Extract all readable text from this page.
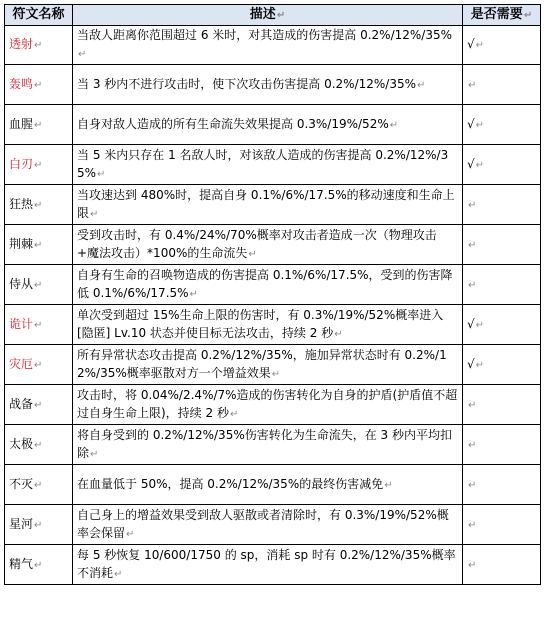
符文名称	描述↵	是否需要↵
透射↵	当敌人距离你范围超过 6 米时，对其造成的伤害提高 0.2%/12%/35%↵	√↵
轰鸣↵	当 3 秒内不进行攻击时，使下次攻击伤害提高 0.2%/12%/35%↵	↵
血腥↵	自身对敌人造成的所有生命流失效果提高 0.3%/19%/52%↵	√↵
白刃↵	当 5 米内只存在 1 名敌人时，对该敌人造成的伤害提高 0.2%/12%/35%↵	√↵
狂热↵	当攻速达到 480%时，提高自身 0.1%/6%/17.5%的移动速度和生命上限↵	↵
荆棘↵	受到攻击时，有 0.4%/24%/70%概率对攻击者造成一次（物理攻击+魔法攻击）*100%的生命流失↵	↵
侍从↵	自身有生命的召唤物造成的伤害提高 0.1%/6%/17.5%，受到的伤害降低 0.1%/6%/17.5%↵	↵
诡计↵	单次受到超过 15%生命上限的伤害时，有 0.3%/19%/52%概率进入[隐匿] Lv.10 状态并使目标无法攻击，持续 2 秒↵	√↵
灾厄↵	所有异常状态攻击提高 0.2%/12%/35%，施加异常状态时有 0.2%/12%/35%概率驱散对方一个增益效果↵	√↵
战备↵	攻击时，将 0.04%/2.4%/7%造成的伤害转化为自身的护盾(护盾值不超过自身生命上限)，持续 2 秒↵	↵
太极↵	将自身受到的 0.2%/12%/35%伤害转化为生命流失，在 3 秒内平均扣除↵	↵
不灭↵	在血量低于 50%，提高 0.2%/12%/35%的最终伤害减免↵	↵
星河↵	自己身上的增益效果受到敌人驱散或者清除时，有 0.3%/19%/52%概率会保留↵	↵
精气↵	每 5 秒恢复 10/600/1750 的 sp，消耗 sp 时有 0.2%/12%/35%概率不消耗↵	↵
